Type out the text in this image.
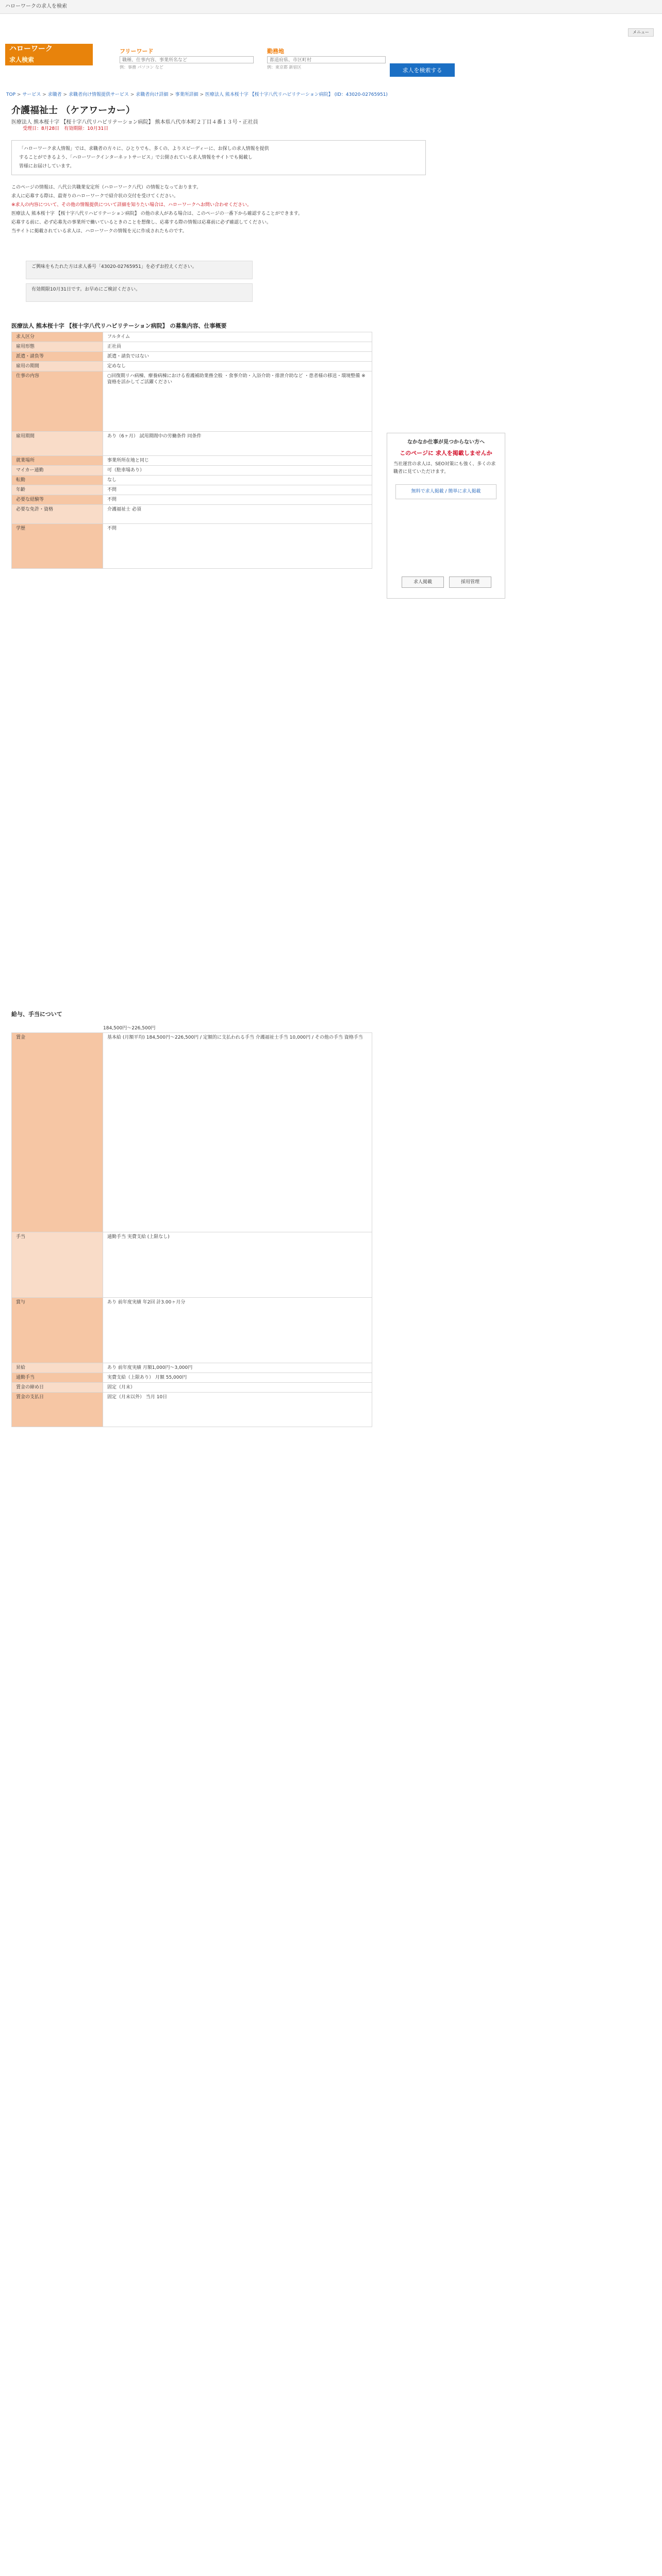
ハローワークの求人を検索
ハローワーク
求人検索
メニュー
フリーワード
職種、仕事内容、事業所名など
例：事務 パソコン など
勤務地
都道府県、市区町村
例：東京都 新宿区	求人を検索する
TOP > サービス > 求職者 > 求職者向け情報提供サービス > 求職者向け詳細 > 事業所詳細 > 医療法人 熊本桜十字 【桜十字八代リハビリテーション病院】 (ID：43020-02765951)
介護福祉士 （ケアワーカー）
医療法人 熊本桜十字 【桜十字八代リハビリテーション病院】 熊本県八代市本町２丁目４番１３号・正社員
受理日：8月28日　有効期限：10月31日
「ハローワーク求人情報」では、求職者の方々に、ひとりでも、多くの、よりスピーディーに、お探しの求人情報を提供
することができるよう、「ハローワークインターネットサービス」で公開されている求人情報をサイトでも掲載し
皆様にお届けしています。
このページの情報は、八代公共職業安定所（ハローワーク八代）の情報となっております。
求人に応募する際は、最寄りのハローワークで紹介状の交付を受けてください。
※求人の内容について、その他の情報提供について詳細を知りたい場合は、ハローワークへお問い合わせください。
医療法人 熊本桜十字 【桜十字八代リハビリテーション病院】 の他の求人がある場合は、このページの一番下から確認することができます。
応募する前に、必ず応募先の事業所で働いているときのことを想像し、応募する際の情報は応募前に必ず確認してください。
当サイトに掲載されている求人は、ハローワークの情報を元に作成されたものです。
ご興味をもたれた方は求人番号「43020-02765951」を必ずお控えください。
有効期限10月31日です。お早めにご検討ください。
医療法人 熊本桜十字 【桜十字八代リハビリテーション病院】 の募集内容、仕事概要
求人区分	フルタイム
雇用形態	正社員
派遣・請負等	派遣・請負ではない
雇用の期間	定めなし
仕事の内容	○回復期リハ病棟、療養病棟における看護補助業務全般 ・食事介助・入浴介助・排泄介助など ・患者様の移送・環境整備 ※資格を活かしてご活躍ください
雇用期間	あり（6ヶ月） 試用期間中の労働条件 同条件
就業場所	事業所所在地と同じ
マイカー通勤	可（駐車場あり）
転勤	なし
年齢	不問
必要な経験等	不問
必要な免許・資格	介護福祉士 必須
学歴	不問
なかなか仕事が見つからない方へ
このページに 求人を掲載しませんか
当社運営の求人は、SEO対策にも強く、多くの求職者に見ていただけます。
無料で求人掲載 / 簡単に求人掲載
求人掲載	採用管理
給与、手当について
184,500円〜226,500円
賃金	基本給 (月額平均) 184,500円〜226,500円 / 定額的に支払われる手当 介護福祉士手当 10,000円 / その他の手当 資格手当
手当	通勤手当 実費支給 (上限なし)
賞与	あり 前年度実績 年2回 計3.00ヶ月分
昇給	あり 前年度実績 月額1,000円〜3,000円
通勤手当	実費支給（上限あり） 月額 55,000円
賃金の締め日	固定（月末）
賃金の支払日	固定（月末以外） 当月 10日
